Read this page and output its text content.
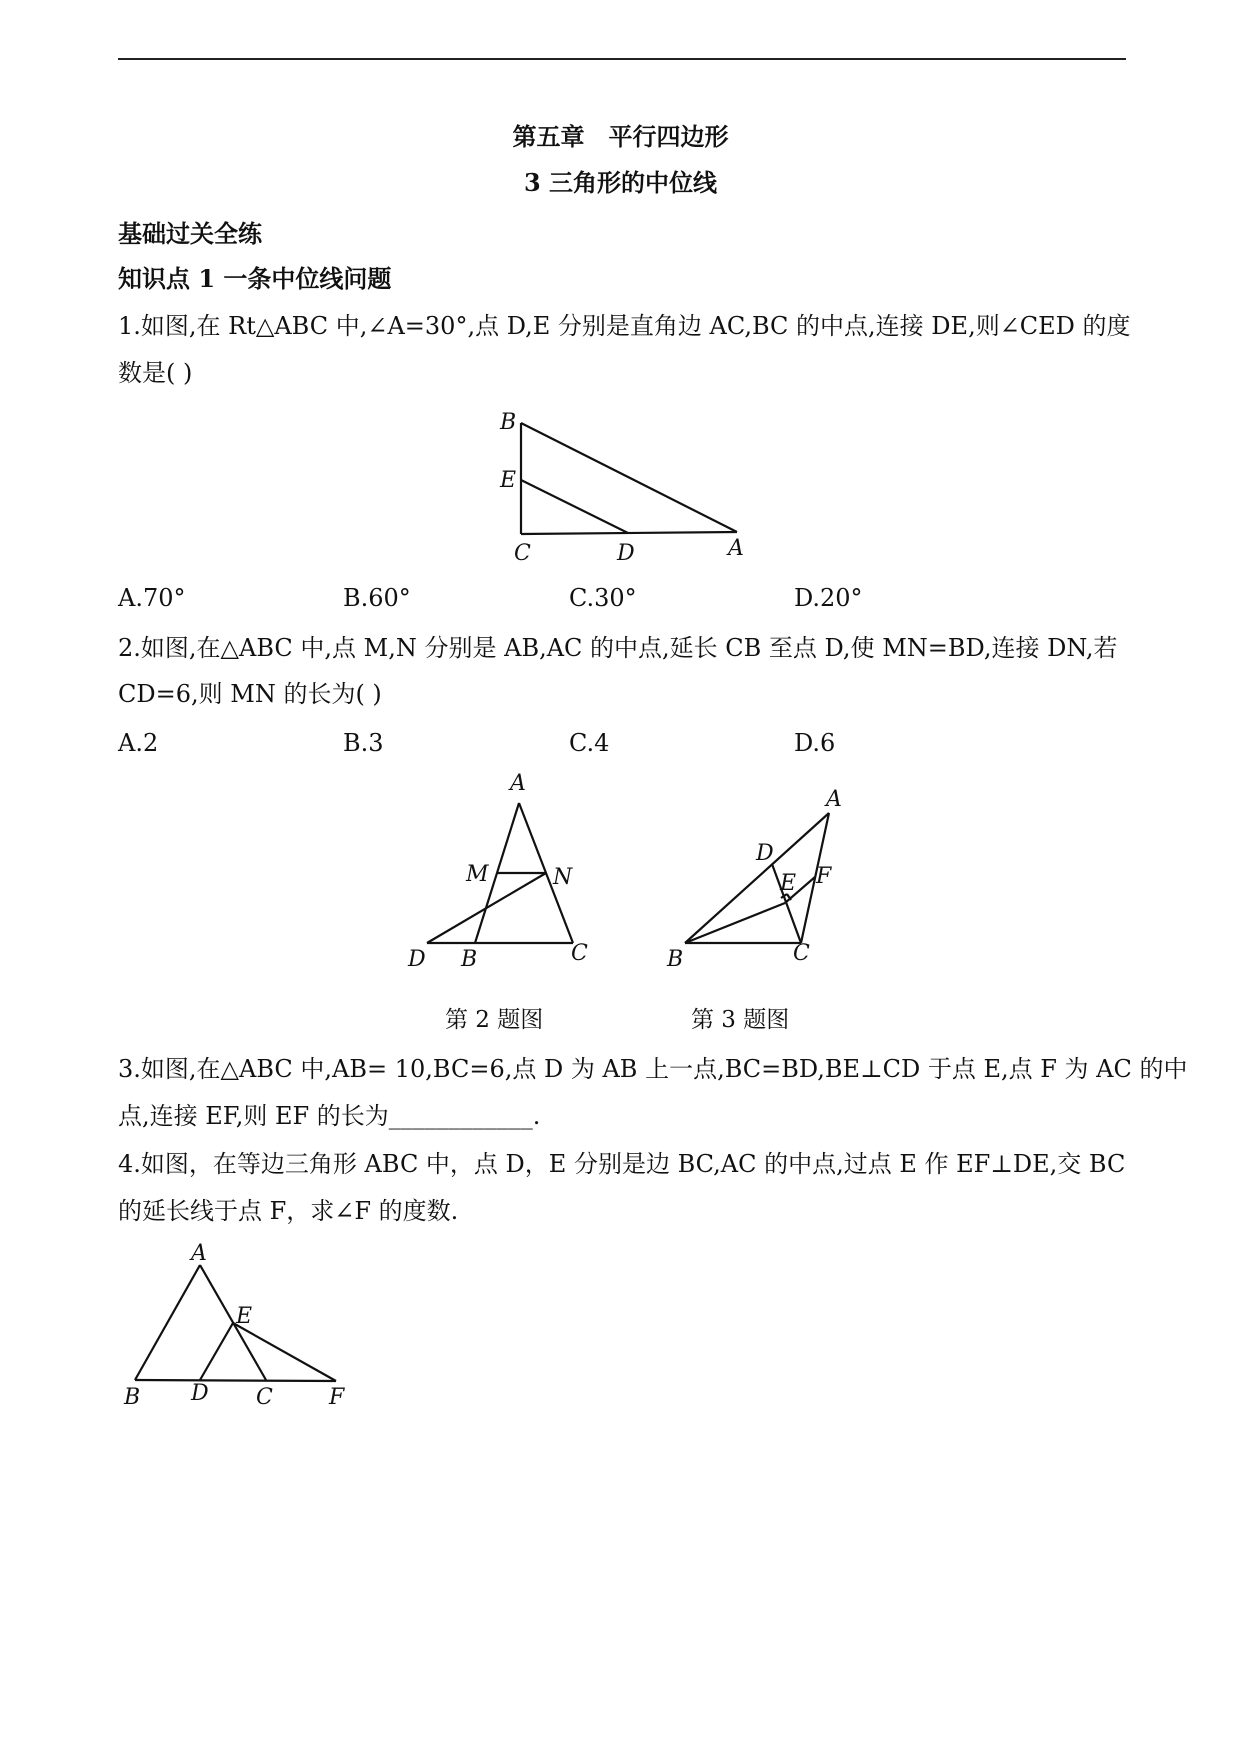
第五章　平行四边形
3 三角形的中位线
基础过关全练
知识点 1 一条中位线问题
1.如图,在 Rt△ABC 中,∠A=30°,点 D,E 分别是直角边 AC,BC 的中点,连接 DE,则∠CED 的度
数是( )
B
E
C	D	A
A.70°	B.60°	C.30°	D.20°
2.如图,在△ABC 中,点 M,N 分别是 AB,AC 的中点,延长 CB 至点 D,使 MN=BD,连接 DN,若
CD=6,则 MN 的长为( )
A.2	B.3	C.4	D.6
A
M	N
D B	C
A
D
E F
B	C
第 2 题图	第 3 题图
3.如图,在△ABC 中,AB= 10,BC=6,点 D 为 AB 上一点,BC=BD,BE⊥CD 于点 E,点 F 为 AC 的中
点,连接 EF,则 EF 的长为____________.
4.如图，在等边三角形 ABC 中，点 D，E 分别是边 BC,AC 的中点,过点 E 作 EF⊥DE,交 BC
的延长线于点 F，求∠F 的度数.
A
E
B D C	F
